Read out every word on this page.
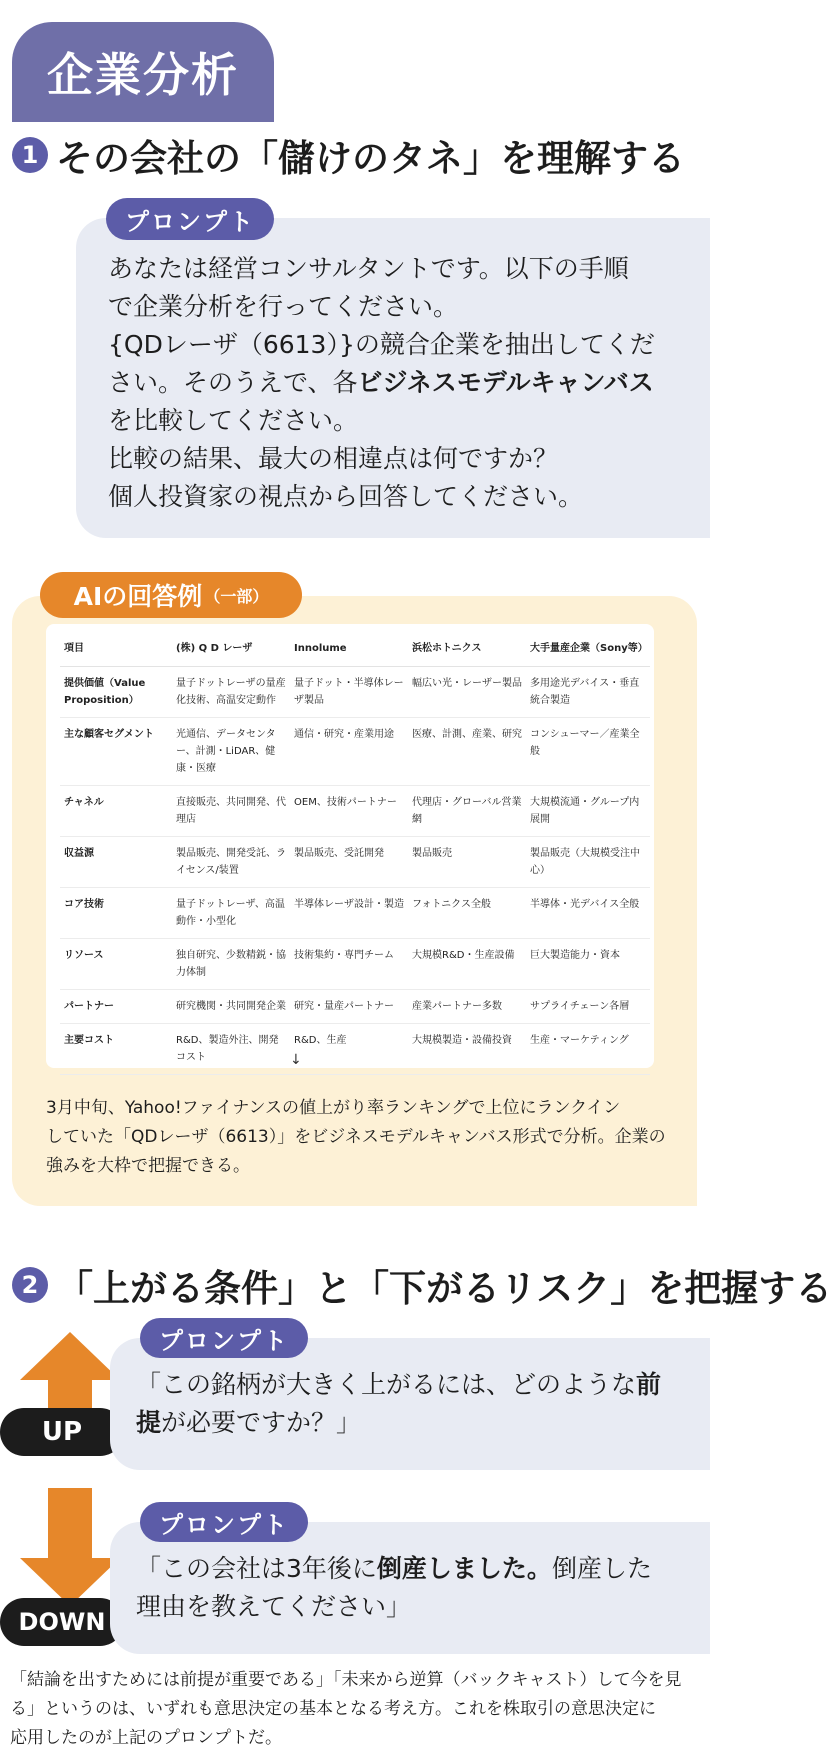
企業分析
1 その会社の「儲けのタネ」を理解する
プロンプト
あなたは経営コンサルタントです。以下の手順
で企業分析を行ってください。
{QDレーザ（6613）}の競合企業を抽出してくだ
さい。そのうえで、各ビジネスモデルキャンバス
を比較してください。
比較の結果、最大の相違点は何ですか？
個人投資家の視点から回答してください。
AIの回答例 （一部）
項目	(株) Q D レーザ	Innolume	浜松ホトニクス	大手量産企業（Sony等）
提供価値（Value Proposition）	量子ドットレーザの量産化技術、高温安定動作	量子ドット・半導体レーザ製品	幅広い光・レーザー製品	多用途光デバイス・垂直統合製造
主な顧客セグメント	光通信、データセンター、計測・LiDAR、健康・医療	通信・研究・産業用途	医療、計測、産業、研究	コンシューマー／産業全般
チャネル	直接販売、共同開発、代理店	OEM、技術パートナー	代理店・グローバル営業網	大規模流通・グループ内展開
収益源	製品販売、開発受託、ライセンス/装置	製品販売、受託開発	製品販売	製品販売（大規模受注中心）
コア技術	量子ドットレーザ、高温動作・小型化	半導体レーザ設計・製造	フォトニクス全般	半導体・光デバイス全般
リソース	独自研究、少数精鋭・協力体制	技術集約・専門チーム	大規模R&D・生産設備	巨大製造能力・資本
パートナー	研究機関・共同開発企業	研究・量産パートナー	産業パートナー多数	サプライチェーン各層
主要コスト	R&D、製造外注、開発コスト	R&D、生産	大規模製造・設備投資	生産・マーケティング
↓
3月中旬、Yahoo!ファイナンスの値上がり率ランキングで上位にランクイン
していた「QDレーザ（6613）」をビジネスモデルキャンバス形式で分析。企業の
強みを大枠で把握できる。
2 「上がる条件」と「下がるリスク」を把握する
UP
プロンプト
「この銘柄が大きく上がるには、どのような前
提が必要ですか？」
DOWN
プロンプト
「この会社は3年後に倒産しました。倒産した
理由を教えてください」
「結論を出すためには前提が重要である」「未来から逆算（バックキャスト）して今を見
る」というのは、いずれも意思決定の基本となる考え方。これを株取引の意思決定に
応用したのが上記のプロンプトだ。
